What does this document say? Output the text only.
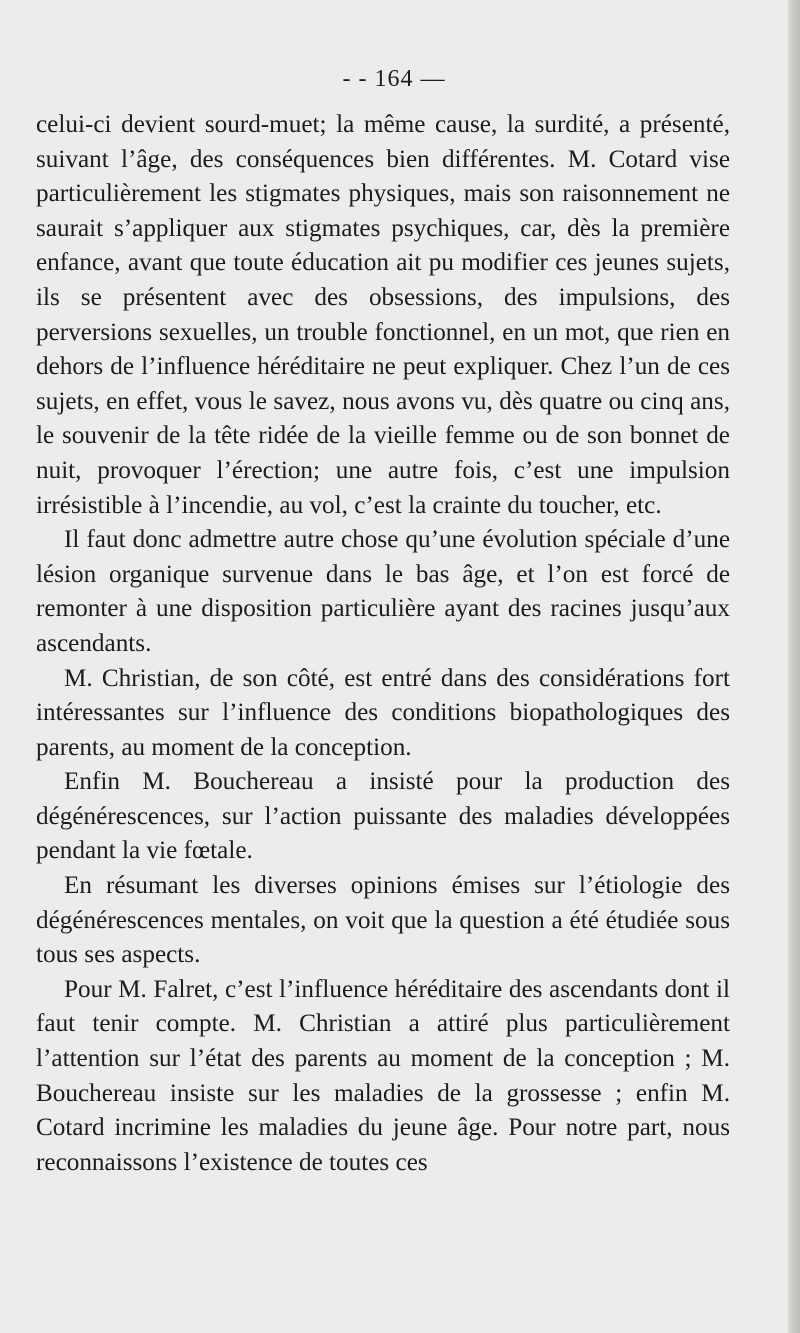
- - 164 —

celui-ci devient sourd-muet; la même cause, la surdité, a présenté, suivant l’âge, des conséquences bien différentes. M. Cotard vise particulièrement les stigmates physiques, mais son raisonnement ne saurait s’appliquer aux stigmates psychiques, car, dès la première enfance, avant que toute éducation ait pu modifier ces jeunes sujets, ils se présentent avec des obsessions, des impulsions, des perversions sexuelles, un trouble fonctionnel, en un mot, que rien en dehors de l’influence héréditaire ne peut expliquer. Chez l’un de ces sujets, en effet, vous le savez, nous avons vu, dès quatre ou cinq ans, le souvenir de la tête ridée de la vieille femme ou de son bonnet de nuit, provoquer l’érection; une autre fois, c’est une impulsion irrésistible à l’incendie, au vol, c’est la crainte du toucher, etc.

Il faut donc admettre autre chose qu’une évolution spéciale d’une lésion organique survenue dans le bas âge, et l’on est forcé de remonter à une disposition particulière ayant des racines jusqu’aux ascendants.

M. Christian, de son côté, est entré dans des considérations fort intéressantes sur l’influence des conditions biopathologiques des parents, au moment de la conception.

Enfin M. Bouchereau a insisté pour la production des dégénérescences, sur l’action puissante des maladies développées pendant la vie fœtale.

En résumant les diverses opinions émises sur l’étiologie des dégénérescences mentales, on voit que la question a été étudiée sous tous ses aspects.

Pour M. Falret, c’est l’influence héréditaire des ascendants dont il faut tenir compte. M. Christian a attiré plus particulièrement l’attention sur l’état des parents au moment de la conception ; M. Bouchereau insiste sur les maladies de la grossesse ; enfin M. Cotard incrimine les maladies du jeune âge. Pour notre part, nous reconnaissons l’existence de toutes ces
